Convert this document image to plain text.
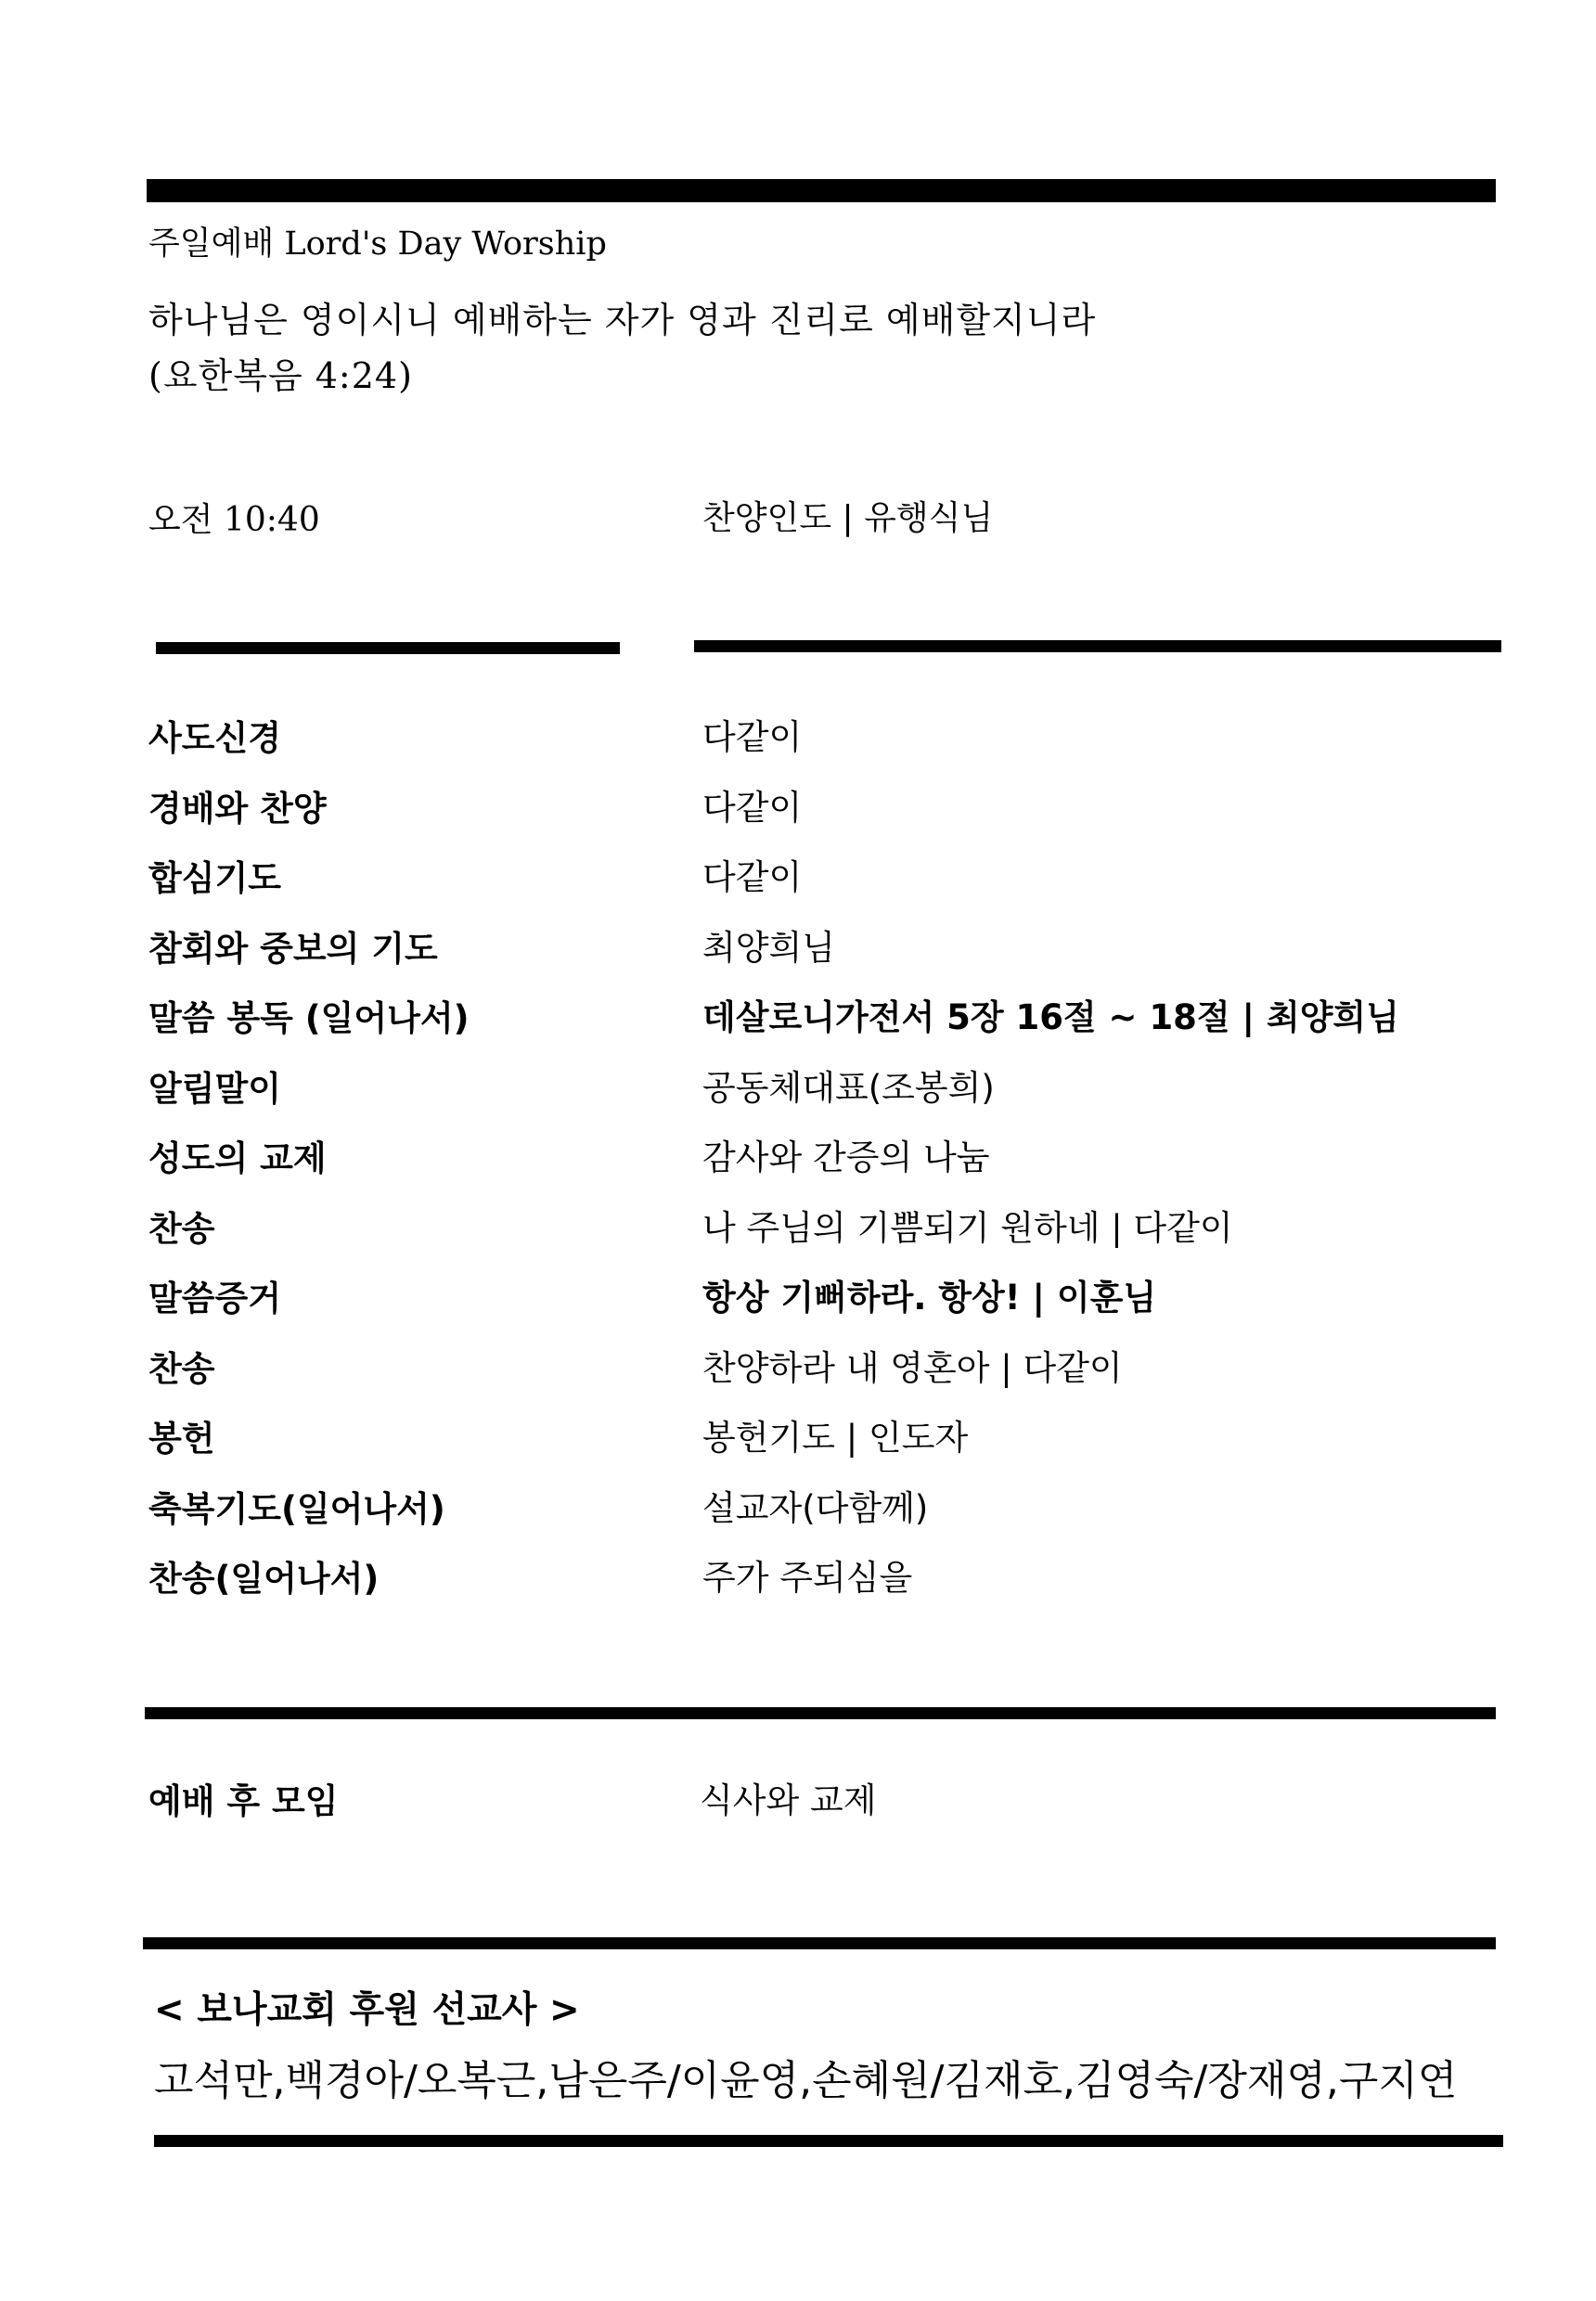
주일예배 Lord's Day Worship
하나님은 영이시니 예배하는 자가 영과 진리로 예배할지니라
(요한복음 4:24)
오전 10:40	찬양인도 | 유행식님
사도신경	다같이
경배와 찬양	다같이
합심기도	다같이
참회와 중보의 기도	최양희님
말씀 봉독 (일어나서)	데살로니가전서 5장 16절 ~ 18절 | 최양희님
알림말이	공동체대표(조봉희)
성도의 교제	감사와 간증의 나눔
찬송	나 주님의 기쁨되기 원하네 | 다같이
말씀증거	항상 기뻐하라. 항상! | 이훈님
찬송	찬양하라 내 영혼아 | 다같이
봉헌	봉헌기도 | 인도자
축복기도(일어나서)	설교자(다함께)
찬송(일어나서)	주가 주되심을
예배 후 모임	식사와 교제
< 보나교회 후원 선교사 >
고석만,백경아/오복근,남은주/이윤영,손혜원/김재호,김영숙/장재영,구지연
